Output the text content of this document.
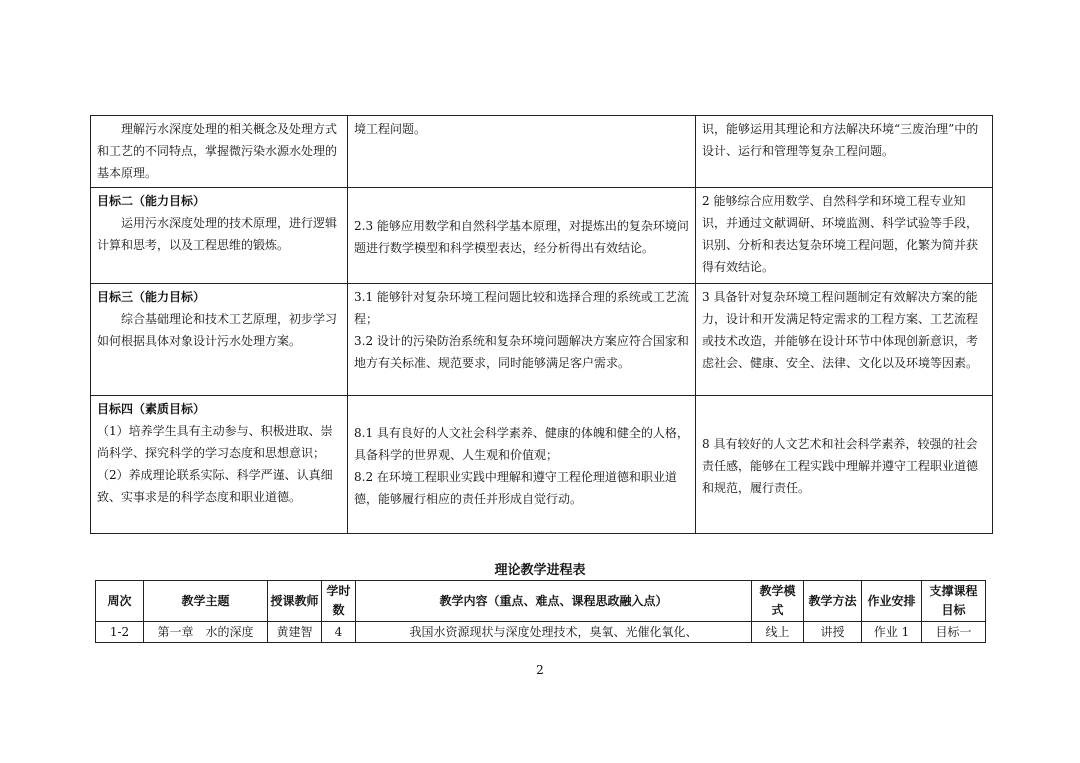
理解污水深度处理的相关概念及处理方式和工艺的不同特点，掌握微污染水源水处理的基本原理。	境工程问题。	识，能够运用其理论和方法解决环境“三废治理”中的设计、运行和管理等复杂工程问题。

目标二（能力目标）
运用污水深度处理的技术原理，进行逻辑计算和思考，以及工程思维的锻炼。	2.3 能够应用数学和自然科学基本原理，对提炼出的复杂环境问题进行数学模型和科学模型表达，经分析得出有效结论。	2 能够综合应用数学、自然科学和环境工程专业知识，并通过文献调研、环境监测、科学试验等手段，识别、分析和表达复杂环境工程问题，化繁为简并获得有效结论。

目标三（能力目标）
综合基础理论和技术工艺原理，初步学习如何根据具体对象设计污水处理方案。	3.1 能够针对复杂环境工程问题比较和选择合理的系统或工艺流程；
3.2 设计的污染防治系统和复杂环境问题解决方案应符合国家和地方有关标准、规范要求，同时能够满足客户需求。	3 具备针对复杂环境工程问题制定有效解决方案的能力，设计和开发满足特定需求的工程方案、工艺流程或技术改造，并能够在设计环节中体现创新意识，考虑社会、健康、安全、法律、文化以及环境等因素。

目标四（素质目标）
（1）培养学生具有主动参与、积极进取、崇尚科学、探究科学的学习态度和思想意识；
（2）养成理论联系实际、科学严谨、认真细致、实事求是的科学态度和职业道德。	8.1 具有良好的人文社会科学素养、健康的体魄和健全的人格，具备科学的世界观、人生观和价值观；
8.2 在环境工程职业实践中理解和遵守工程伦理道德和职业道德，能够履行相应的责任并形成自觉行动。	8 具有较好的人文艺术和社会科学素养，较强的社会责任感，能够在工程实践中理解并遵守工程职业道德和规范，履行责任。
理论教学进程表
周次	教学主题	授课教师	学时数	教学内容（重点、难点、课程思政融入点）	教学模式	教学方法	作业安排	支撑课程目标
1-2	第一章　水的深度	黄建智	4	我国水资源现状与深度处理技术，臭氧、光催化氧化、	线上	讲授	作业 1	目标一
2
